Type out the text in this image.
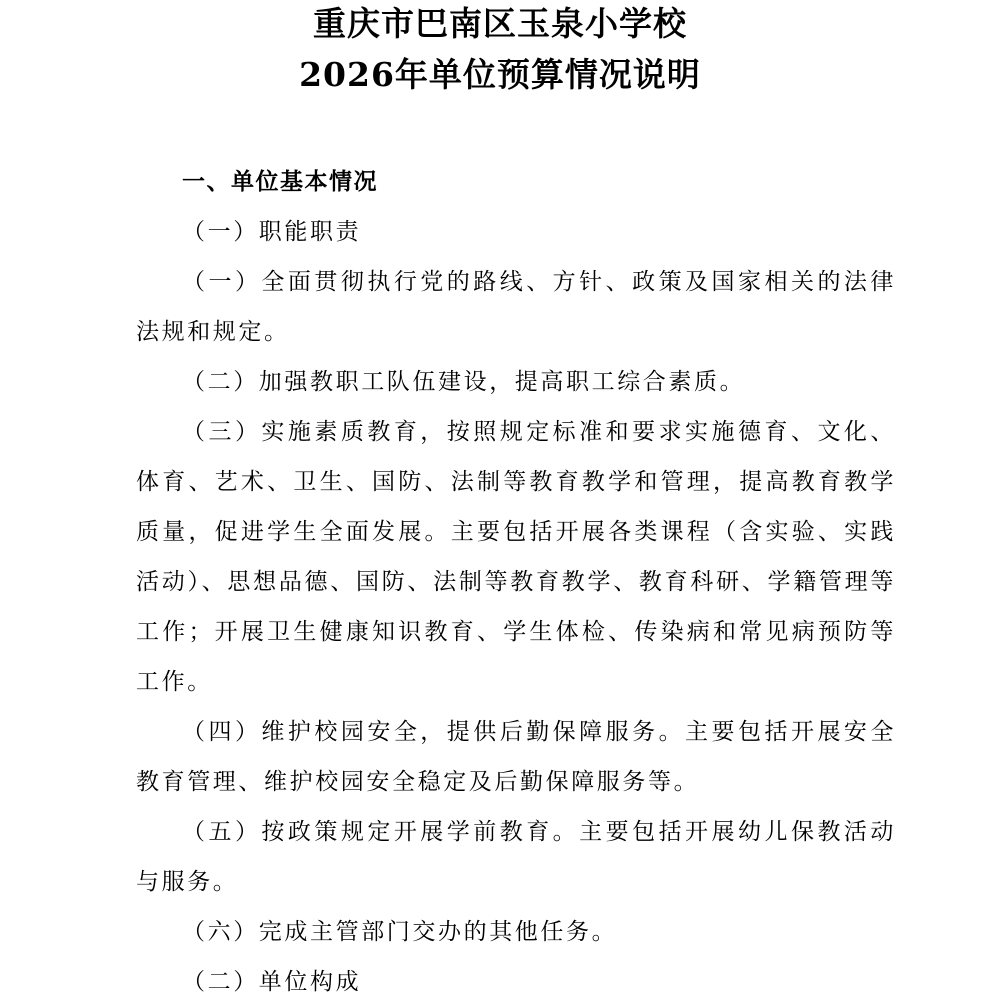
重庆市巴南区玉泉小学校
2026年单位预算情况说明

一、单位基本情况

（一）职能职责

（一）全面贯彻执行党的路线、方针、政策及国家相关的法律法规和规定。

（二）加强教职工队伍建设，提高职工综合素质。

（三）实施素质教育，按照规定标准和要求实施德育、文化、体育、艺术、卫生、国防、法制等教育教学和管理，提高教育教学质量，促进学生全面发展。主要包括开展各类课程（含实验、实践活动）、思想品德、国防、法制等教育教学、教育科研、学籍管理等工作；开展卫生健康知识教育、学生体检、传染病和常见病预防等工作。

（四）维护校园安全，提供后勤保障服务。主要包括开展安全教育管理、维护校园安全稳定及后勤保障服务等。

（五）按政策规定开展学前教育。主要包括开展幼儿保教活动与服务。

（六）完成主管部门交办的其他任务。

（二）单位构成
